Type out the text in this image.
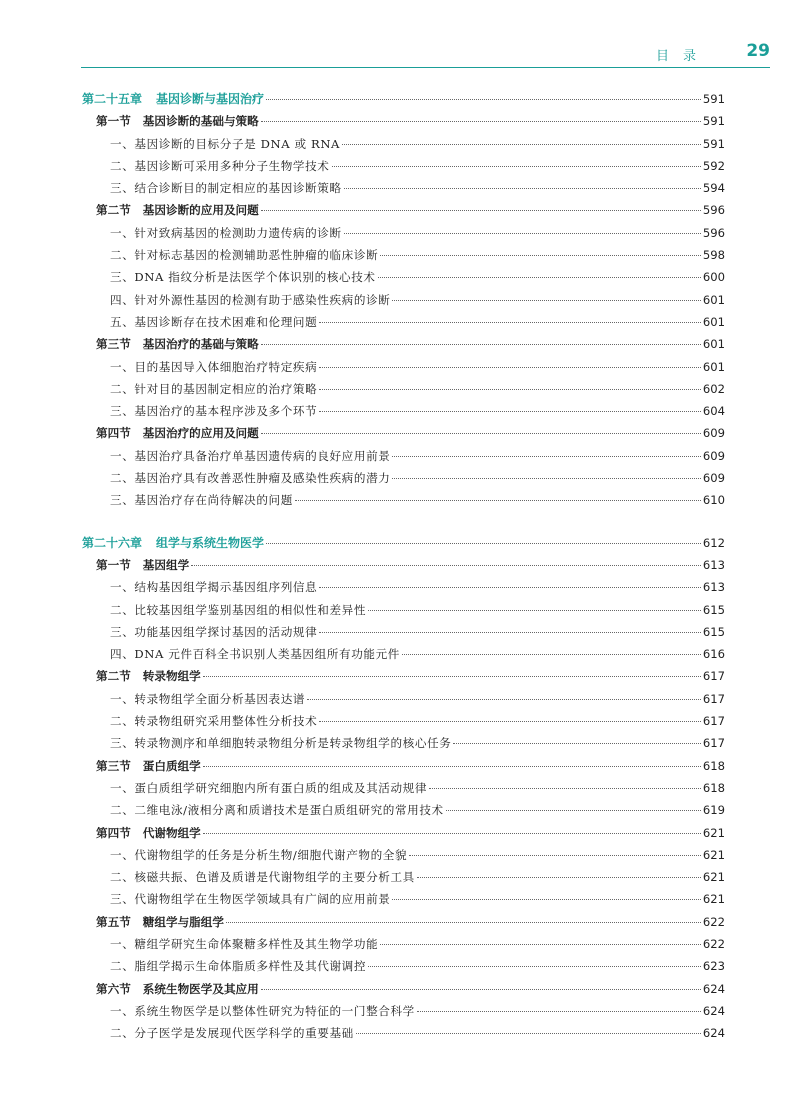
目录 29
第二十五章 基因诊断与基因治疗	591
第一节 基因诊断的基础与策略	591
一、基因诊断的目标分子是 DNA 或 RNA	591
二、基因诊断可采用多种分子生物学技术	592
三、结合诊断目的制定相应的基因诊断策略	594
第二节 基因诊断的应用及问题	596
一、针对致病基因的检测助力遗传病的诊断	596
二、针对标志基因的检测辅助恶性肿瘤的临床诊断	598
三、DNA 指纹分析是法医学个体识别的核心技术	600
四、针对外源性基因的检测有助于感染性疾病的诊断	601
五、基因诊断存在技术困难和伦理问题	601
第三节 基因治疗的基础与策略	601
一、目的基因导入体细胞治疗特定疾病	601
二、针对目的基因制定相应的治疗策略	602
三、基因治疗的基本程序涉及多个环节	604
第四节 基因治疗的应用及问题	609
一、基因治疗具备治疗单基因遗传病的良好应用前景	609
二、基因治疗具有改善恶性肿瘤及感染性疾病的潜力	609
三、基因治疗存在尚待解决的问题	610
第二十六章 组学与系统生物医学	612
第一节 基因组学	613
一、结构基因组学揭示基因组序列信息	613
二、比较基因组学鉴别基因组的相似性和差异性	615
三、功能基因组学探讨基因的活动规律	615
四、DNA 元件百科全书识别人类基因组所有功能元件	616
第二节 转录物组学	617
一、转录物组学全面分析基因表达谱	617
二、转录物组研究采用整体性分析技术	617
三、转录物测序和单细胞转录物组分析是转录物组学的核心任务	617
第三节 蛋白质组学	618
一、蛋白质组学研究细胞内所有蛋白质的组成及其活动规律	618
二、二维电泳/液相分离和质谱技术是蛋白质组研究的常用技术	619
第四节 代谢物组学	621
一、代谢物组学的任务是分析生物/细胞代谢产物的全貌	621
二、核磁共振、色谱及质谱是代谢物组学的主要分析工具	621
三、代谢物组学在生物医学领域具有广阔的应用前景	621
第五节 糖组学与脂组学	622
一、糖组学研究生命体聚糖多样性及其生物学功能	622
二、脂组学揭示生命体脂质多样性及其代谢调控	623
第六节 系统生物医学及其应用	624
一、系统生物医学是以整体性研究为特征的一门整合科学	624
二、分子医学是发展现代医学科学的重要基础	624
